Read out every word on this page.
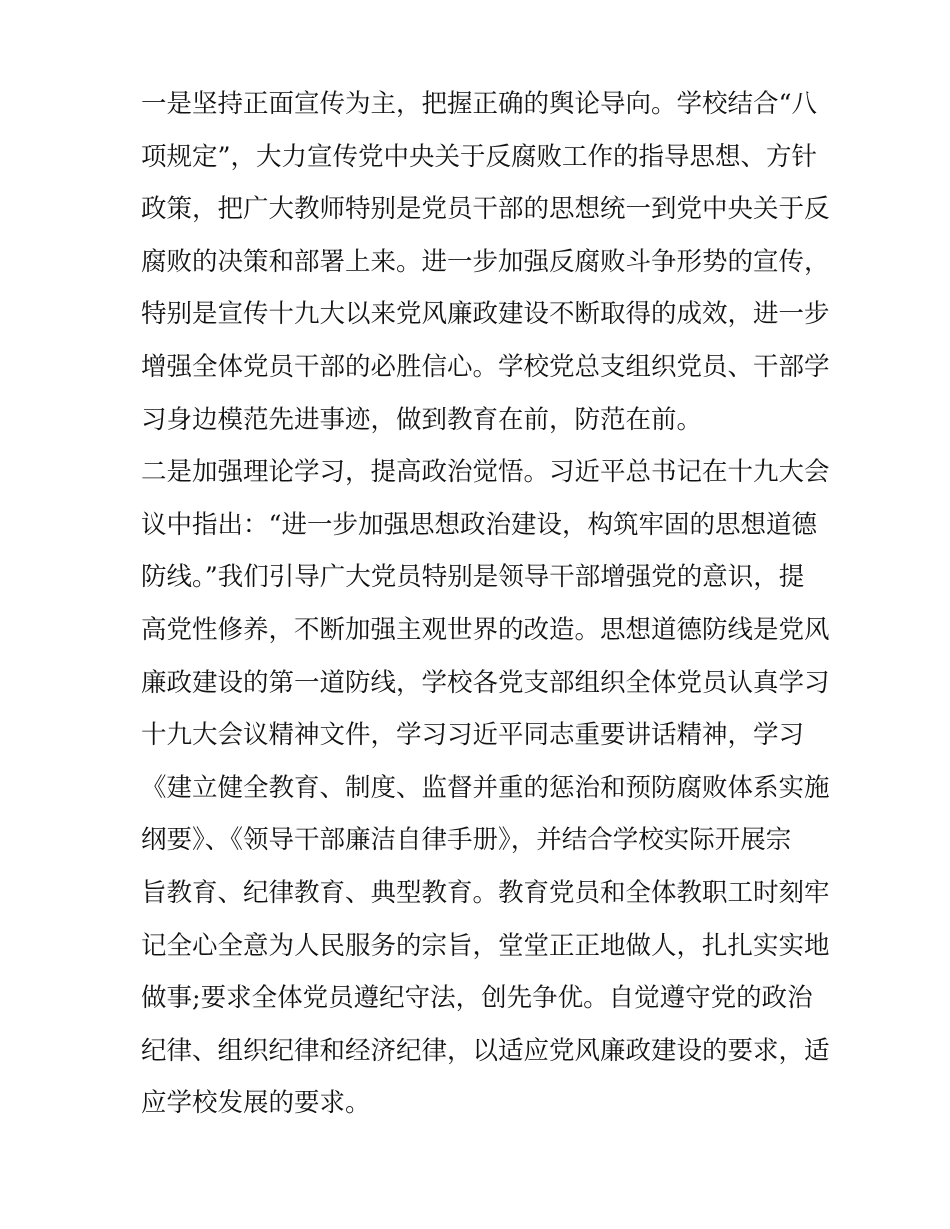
一是坚持正面宣传为主，把握正确的舆论导向。学校结合“八
项规定”，大力宣传党中央关于反腐败工作的指导思想、方针
政策，把广大教师特别是党员干部的思想统一到党中央关于反
腐败的决策和部署上来。进一步加强反腐败斗争形势的宣传，
特别是宣传十九大以来党风廉政建设不断取得的成效，进一步
增强全体党员干部的必胜信心。学校党总支组织党员、干部学
习身边模范先进事迹，做到教育在前，防范在前。
二是加强理论学习，提高政治觉悟。习近平总书记在十九大会
议中指出：“进一步加强思想政治建设，构筑牢固的思想道德
防线。”我们引导广大党员特别是领导干部增强党的意识，提
高党性修养，不断加强主观世界的改造。思想道德防线是党风
廉政建设的第一道防线，学校各党支部组织全体党员认真学习
十九大会议精神文件，学习习近平同志重要讲话精神，学习
《建立健全教育、制度、监督并重的惩治和预防腐败体系实施
纲要》、《领导干部廉洁自律手册》，并结合学校实际开展宗
旨教育、纪律教育、典型教育。教育党员和全体教职工时刻牢
记全心全意为人民服务的宗旨，堂堂正正地做人，扎扎实实地
做事;要求全体党员遵纪守法，创先争优。自觉遵守党的政治
纪律、组织纪律和经济纪律，以适应党风廉政建设的要求，适
应学校发展的要求。
